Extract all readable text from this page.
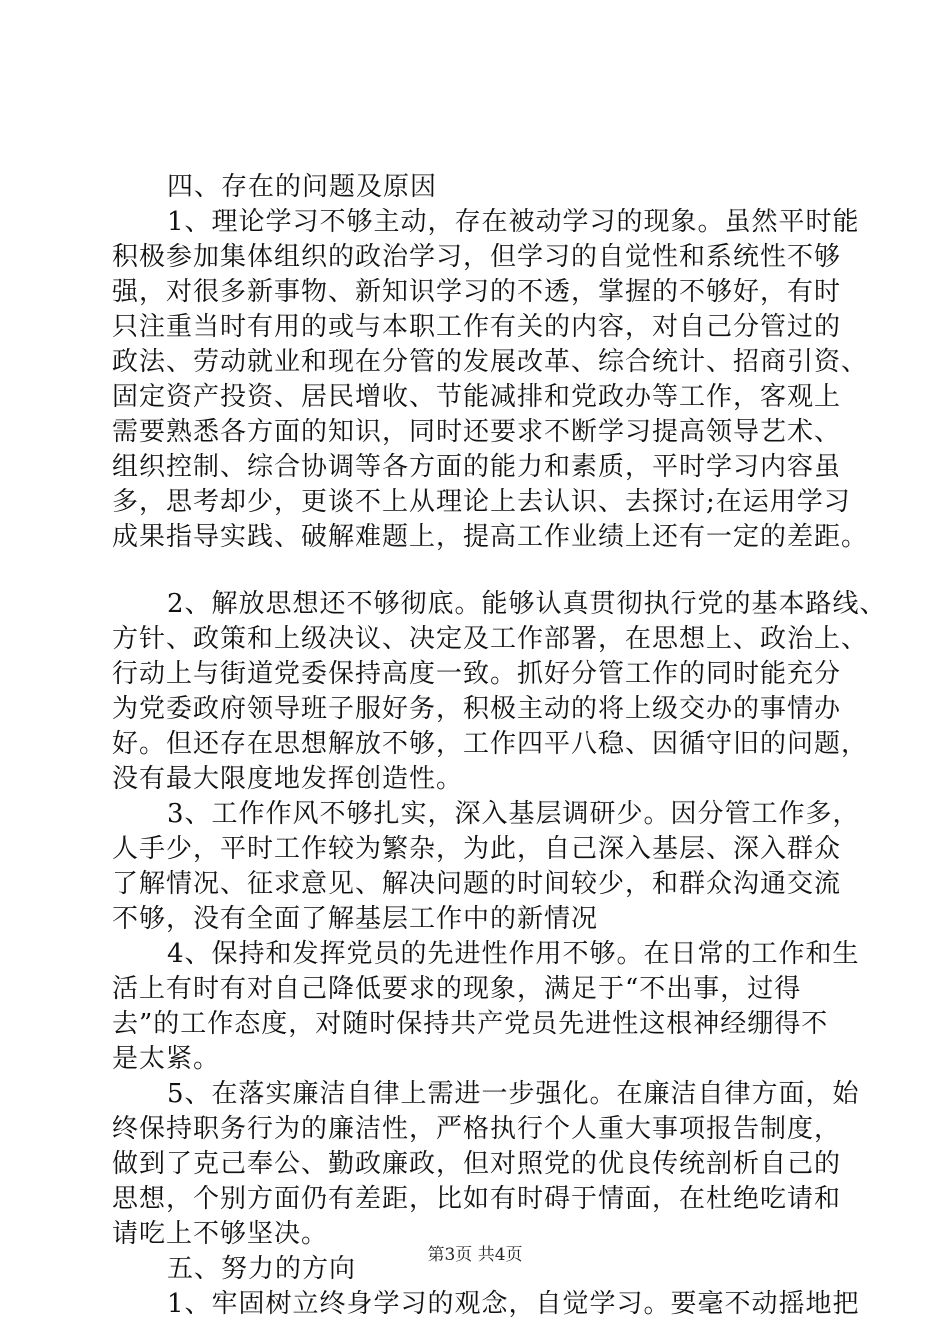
四、存在的问题及原因
1、理论学习不够主动，存在被动学习的现象。虽然平时能
积极参加集体组织的政治学习，但学习的自觉性和系统性不够
强，对很多新事物、新知识学习的不透，掌握的不够好，有时
只注重当时有用的或与本职工作有关的内容，对自己分管过的
政法、劳动就业和现在分管的发展改革、综合统计、招商引资、
固定资产投资、居民增收、节能减排和党政办等工作，客观上
需要熟悉各方面的知识，同时还要求不断学习提高领导艺术、
组织控制、综合协调等各方面的能力和素质，平时学习内容虽
多，思考却少，更谈不上从理论上去认识、去探讨;在运用学习
成果指导实践、破解难题上，提高工作业绩上还有一定的差距。
2、解放思想还不够彻底。能够认真贯彻执行党的基本路线、
方针、政策和上级决议、决定及工作部署，在思想上、政治上、
行动上与街道党委保持高度一致。抓好分管工作的同时能充分
为党委政府领导班子服好务，积极主动的将上级交办的事情办
好。但还存在思想解放不够，工作四平八稳、因循守旧的问题，
没有最大限度地发挥创造性。
3、工作作风不够扎实，深入基层调研少。因分管工作多，
人手少，平时工作较为繁杂，为此，自己深入基层、深入群众
了解情况、征求意见、解决问题的时间较少，和群众沟通交流
不够，没有全面了解基层工作中的新情况
4、保持和发挥党员的先进性作用不够。在日常的工作和生
活上有时有对自己降低要求的现象，满足于“不出事，过得
去”的工作态度，对随时保持共产党员先进性这根神经绷得不
是太紧。
5、在落实廉洁自律上需进一步强化。在廉洁自律方面，始
终保持职务行为的廉洁性，严格执行个人重大事项报告制度，
做到了克己奉公、勤政廉政，但对照党的优良传统剖析自己的
思想，个别方面仍有差距，比如有时碍于情面，在杜绝吃请和
请吃上不够坚决。
五、努力的方向
1、牢固树立终身学习的观念，自觉学习。要毫不动摇地把
第3页 共4页
